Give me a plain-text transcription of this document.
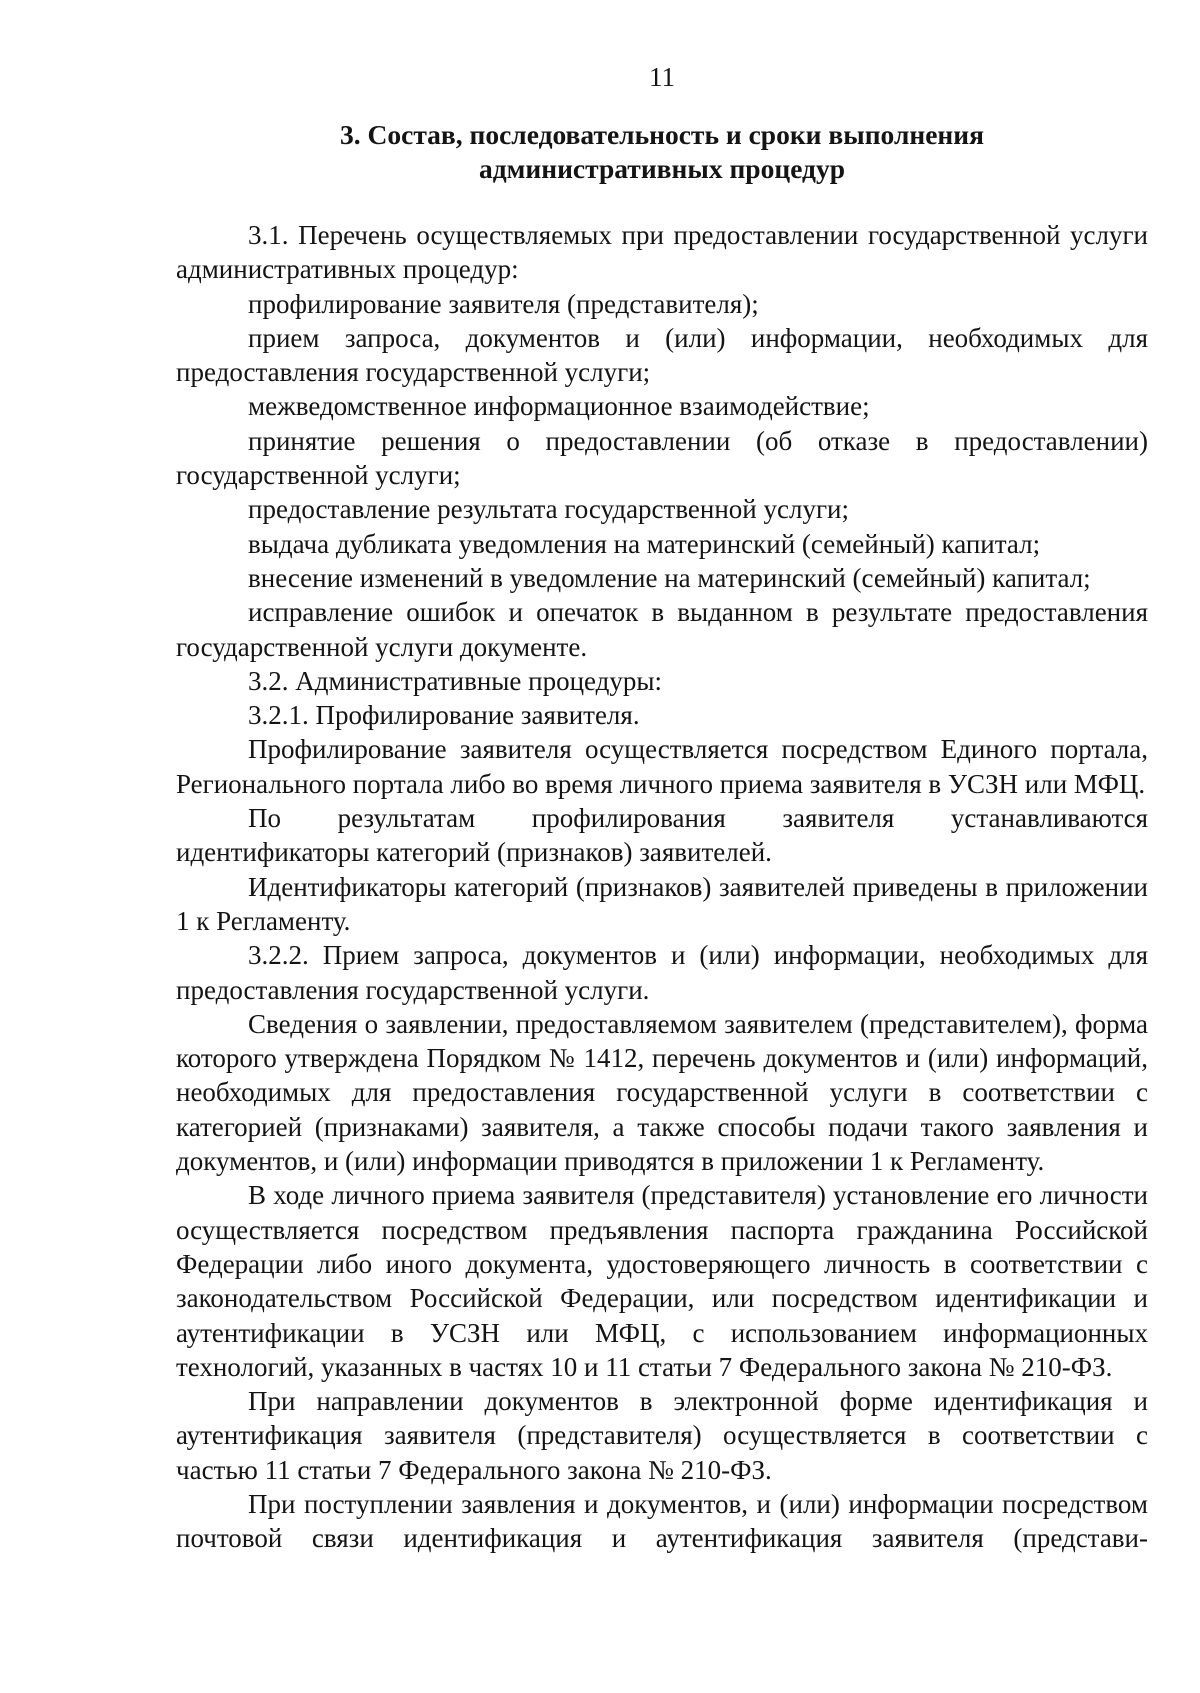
11
3. Состав, последовательность и сроки выполнения
административных процедур

3.1. Перечень осуществляемых при предоставлении государственной услуги административных процедур:

профилирование заявителя (представителя);

прием запроса, документов и (или) информации, необходимых для предоставления государственной услуги;

межведомственное информационное взаимодействие;

принятие решения о предоставлении (об отказе в предоставлении) государственной услуги;

предоставление результата государственной услуги;

выдача дубликата уведомления на материнский (семейный) капитал;

внесение изменений в уведомление на материнский (семейный) капитал;

исправление ошибок и опечаток в выданном в результате предоставления государственной услуги документе.

3.2. Административные процедуры:

3.2.1. Профилирование заявителя.

Профилирование заявителя осуществляется посредством Единого портала, Регионального портала либо во время личного приема заявителя в УСЗН или МФЦ.

По результатам профилирования заявителя устанавливаются идентификаторы категорий (признаков) заявителей.

Идентификаторы категорий (признаков) заявителей приведены в приложении 1 к Регламенту.

3.2.2. Прием запроса, документов и (или) информации, необходимых для предоставления государственной услуги.

Сведения о заявлении, предоставляемом заявителем (представителем), форма которого утверждена Порядком № 1412, перечень документов и (или) информаций, необходимых для предоставления государственной услуги в соответствии с категорией (признаками) заявителя, а также способы подачи такого заявления и документов, и (или) информации приводятся в приложении 1 к Регламенту.

В ходе личного приема заявителя (представителя) установление его личности осуществляется посредством предъявления паспорта гражданина Российской Федерации либо иного документа, удостоверяющего личность в соответствии с законодательством Российской Федерации, или посредством идентификации и аутентификации в УСЗН или МФЦ, с использованием информационных технологий, указанных в частях 10 и 11 статьи 7 Федерального закона № 210-ФЗ.

При направлении документов в электронной форме идентификация и аутентификация заявителя (представителя) осуществляется в соответствии с частью 11 статьи 7 Федерального закона № 210-ФЗ.

При поступлении заявления и документов, и (или) информации посредством почтовой связи идентификация и аутентификация заявителя (представи-
